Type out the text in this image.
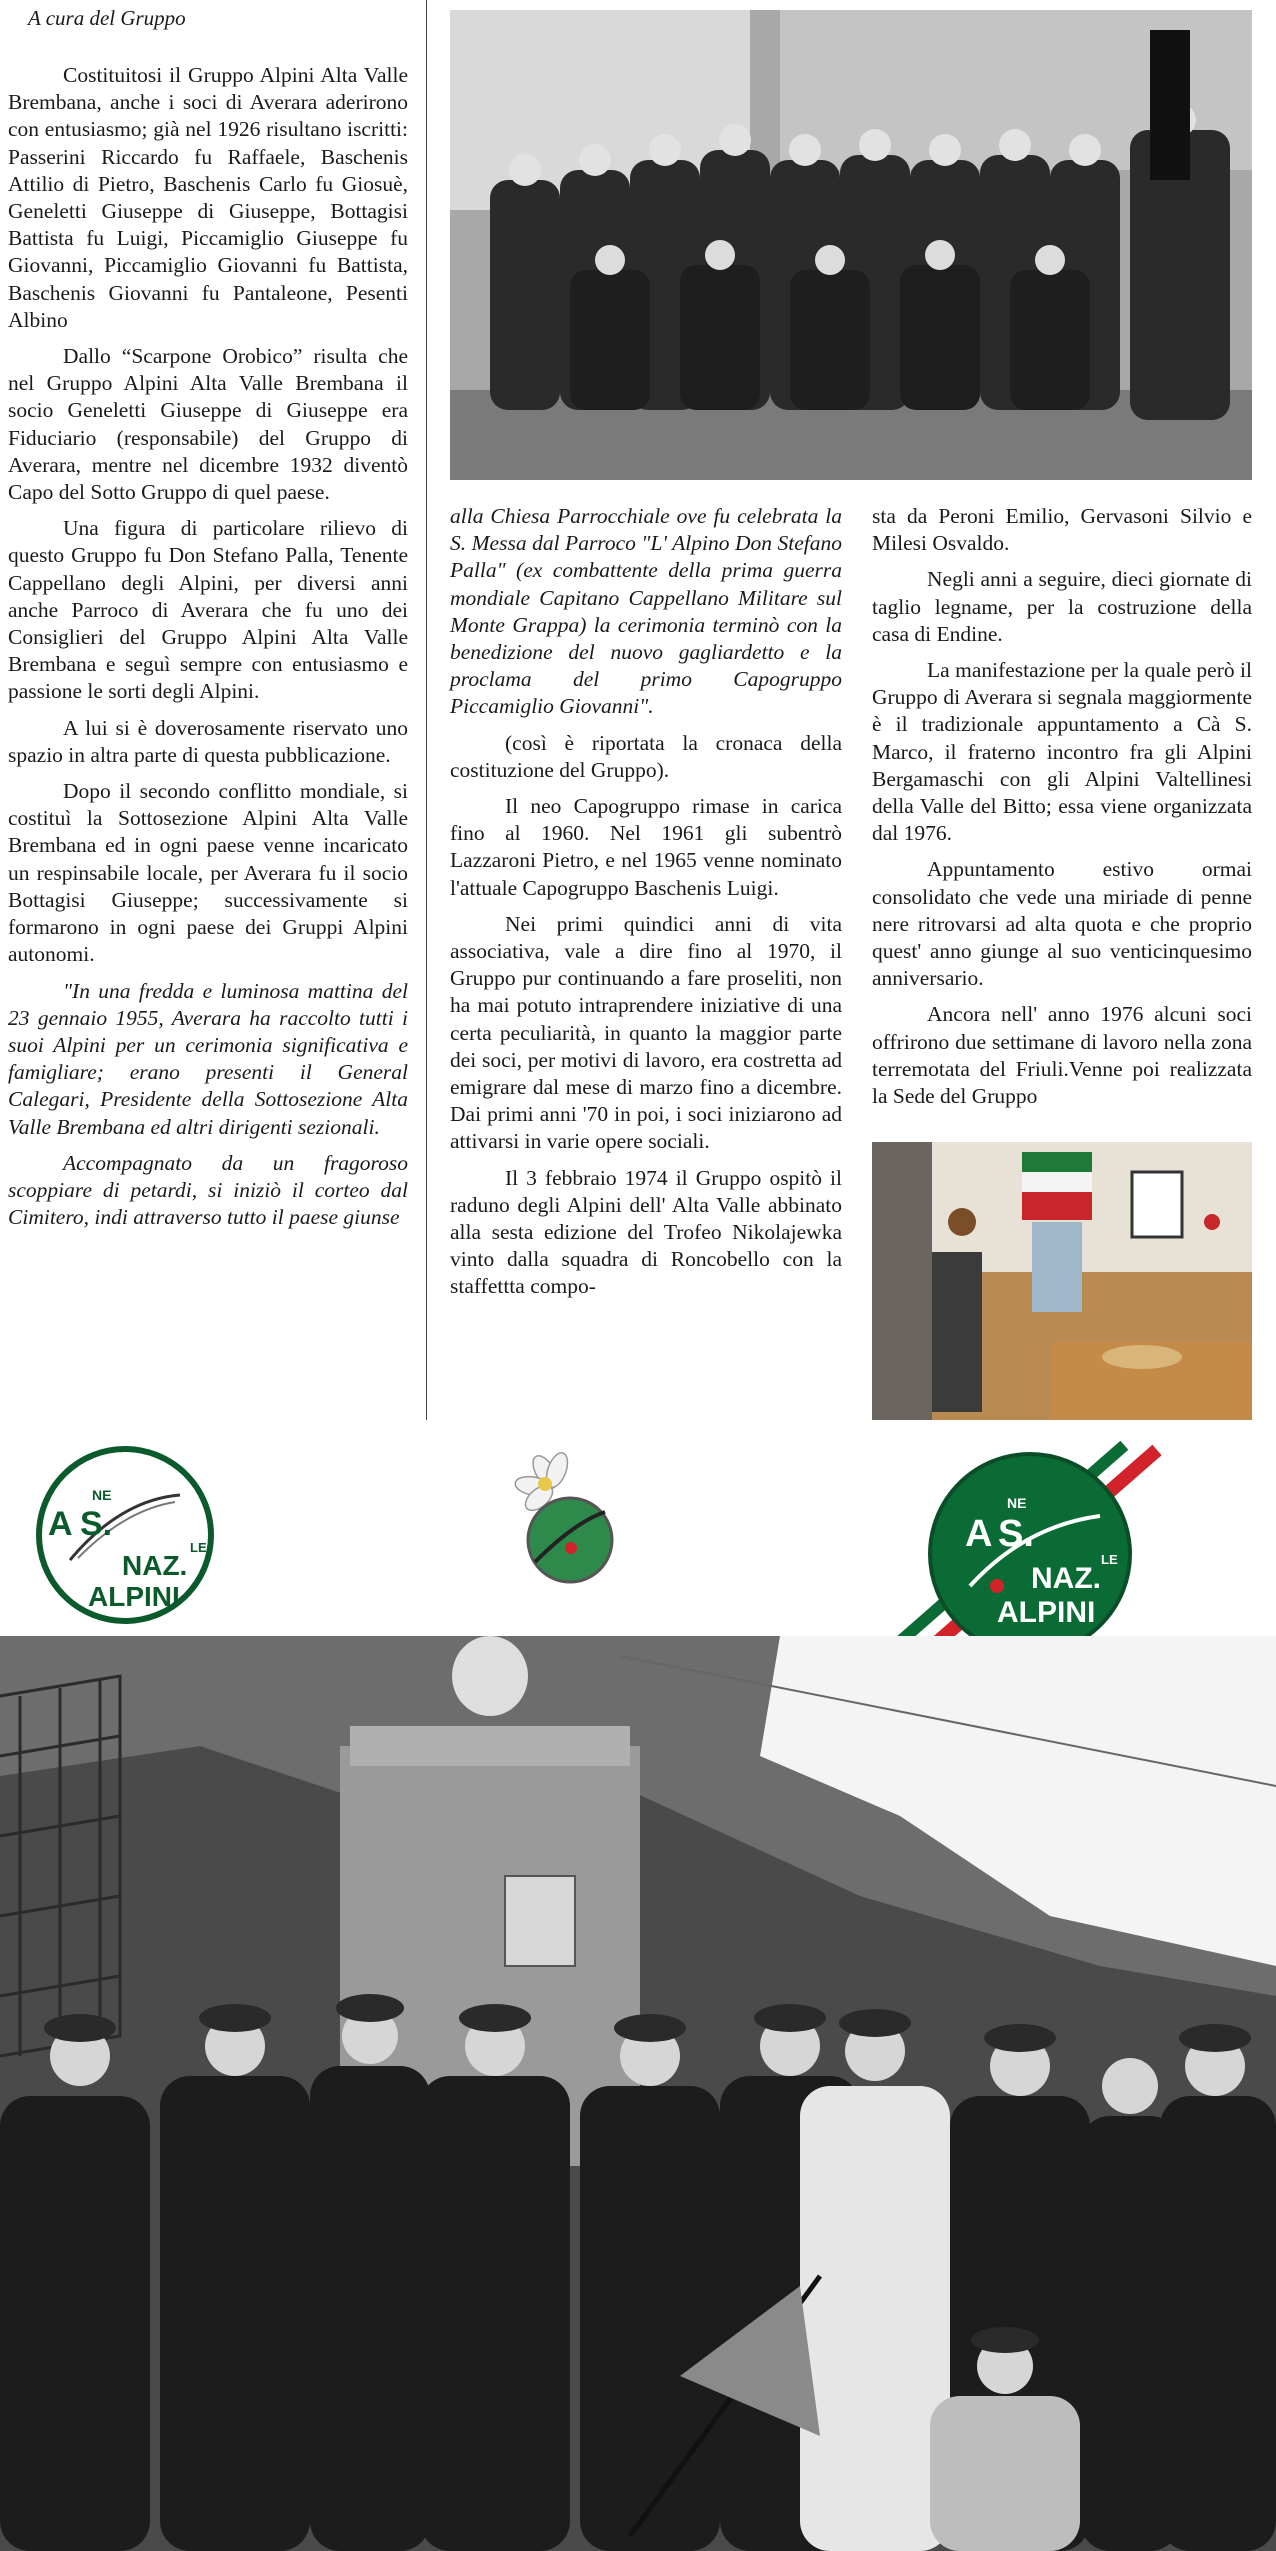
A cura del Gruppo

Costituitosi il Gruppo Alpini Alta Valle Brembana, anche i soci di Averara aderirono con entusiasmo; già nel 1926 risultano iscritti: Passerini Riccardo fu Raffaele, Baschenis Attilio di Pietro, Baschenis Carlo fu Giosuè, Geneletti Giuseppe di Giuseppe, Bottagisi Battista fu Luigi, Piccamiglio Giuseppe fu Giovanni, Piccamiglio Giovanni fu Battista, Baschenis Giovanni fu Pantaleone, Pesenti Albino

Dallo “Scarpone Orobico” risulta che nel Gruppo Alpini Alta Valle Brembana il socio Geneletti Giuseppe di Giuseppe era Fiduciario (responsabile) del Gruppo di Averara, mentre nel dicembre 1932 diventò Capo del Sotto Gruppo di quel paese.

Una figura di particolare rilievo di questo Gruppo fu Don Stefano Palla, Tenente Cappellano degli Alpini, per diversi anni anche Parroco di Averara che fu uno dei Consiglieri del Gruppo Alpini Alta Valle Brembana e seguì sempre con entusiasmo e passione le sorti degli Alpini.

A lui si è doverosamente riservato uno spazio in altra parte di questa pubblicazione.

Dopo il secondo conflitto mondiale, si costituì la Sottosezione Alpini Alta Valle Brembana ed in ogni paese venne incaricato un respinsabile locale, per Averara fu il socio Bottagisi Giuseppe; successivamente si formarono in ogni paese dei Gruppi Alpini autonomi.

"In una fredda e luminosa mattina del 23 gennaio 1955, Averara ha raccolto tutti i suoi Alpini per un cerimonia significativa e famigliare; erano presenti il General Calegari, Presidente della Sottosezione Alta Valle Brembana ed altri dirigenti sezionali.

Accompagnato da un fragoroso scoppiare di petardi, si iniziò il corteo dal Cimitero, indi attraverso tutto il paese giunse

alla Chiesa Parrocchiale ove fu celebrata la S. Messa dal Parroco "L' Alpino Don Stefano Palla" (ex combattente della prima guerra mondiale Capitano Cappellano Militare sul Monte Grappa) la cerimonia terminò con la benedizione del nuovo gagliardetto e la proclama del primo Capogruppo Piccamiglio Giovanni".

(così è riportata la cronaca della costituzione del Gruppo).

Il neo Capogruppo rimase in carica fino al 1960. Nel 1961 gli subentrò Lazzaroni Pietro, e nel 1965 venne nominato l'attuale Capogruppo Baschenis Luigi.

Nei primi quindici anni di vita associativa, vale a dire fino al 1970, il Gruppo pur continuando a fare proseliti, non ha mai potuto intraprendere iniziative di una certa peculiarità, in quanto la maggior parte dei soci, per motivi di lavoro, era costretta ad emigrare dal mese di marzo fino a dicembre. Dai primi anni '70 in poi, i soci iniziarono ad attivarsi in varie opere sociali.

Il 3 febbraio 1974 il Gruppo ospitò il raduno degli Alpini dell' Alta Valle abbinato alla sesta edizione del Trofeo Nikolajewka vinto dalla squadra di Roncobello con la staffettta compo-

sta da Peroni Emilio, Gervasoni Silvio e Milesi Osvaldo.

Negli anni a seguire, dieci giornate di taglio legname, per la costruzione della casa di Endine.

La manifestazione per la quale però il Gruppo di Averara si segnala maggiormente è il tradizionale appuntamento a Cà S. Marco, il fraterno incontro fra gli Alpini Bergamaschi con gli Alpini Valtellinesi della Valle del Bitto; essa viene organizzata dal 1976.

Appuntamento estivo ormai consolidato che vede una miriade di penne nere ritrovarsi ad alta quota e che proprio quest' anno giunge al suo venticinquesimo anniversario.

Ancora nell' anno 1976 alcuni soci offrirono due settimane di lavoro nella zona terremotata del Friuli.Venne poi realizzata la Sede del Gruppo

A S.
NE
NAZ.
LE
ALPINI
A S.
NE
NAZ.
LE
ALPINI
